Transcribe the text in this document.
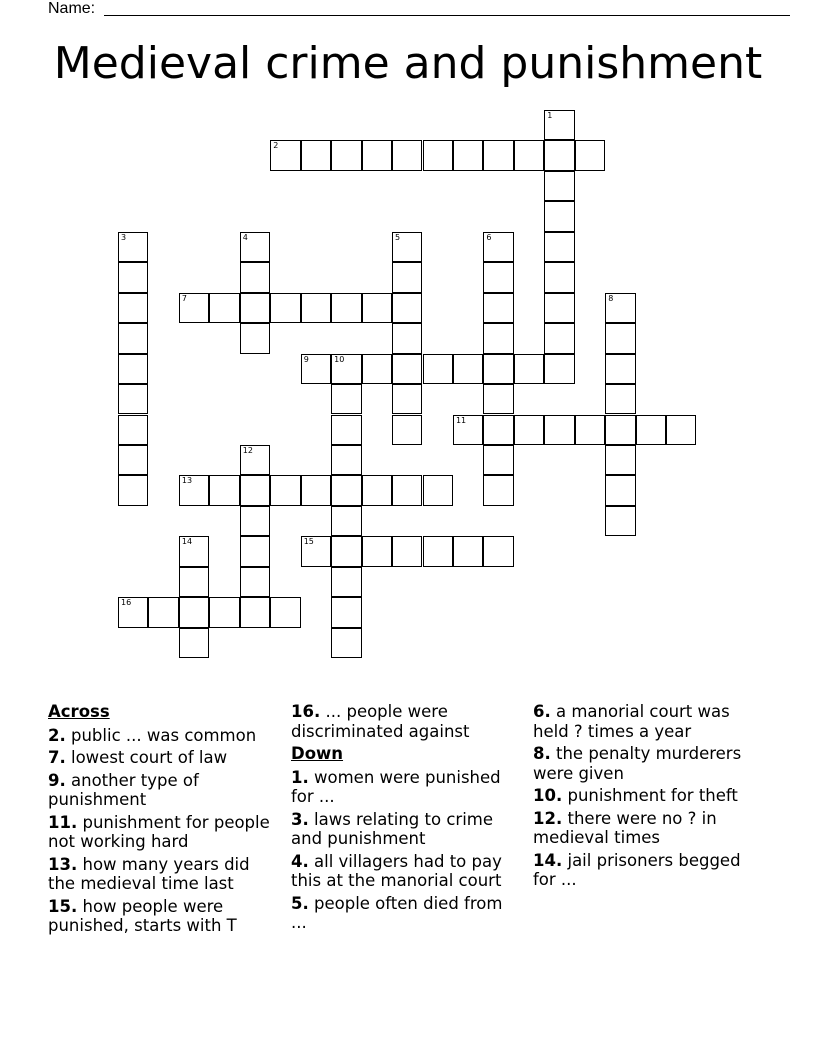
Name:
Medieval crime and punishment
1
2
3	4	5	6
7	8
9	10
11
12
13
14	15
16
Across
2. public ... was common
7. lowest court of law
9. another type of punishment
11. punishment for people not working hard
13. how many years did the medieval time last
15. how people were punished, starts with T
16. ... people were discriminated against
Down
1. women were punished for ...
3. laws relating to crime and punishment
4. all villagers had to pay this at the manorial court
5. people often died from ...
6. a manorial court was held ? times a year
8. the penalty murderers were given
10. punishment for theft
12. there were no ? in medieval times
14. jail prisoners begged for ...
